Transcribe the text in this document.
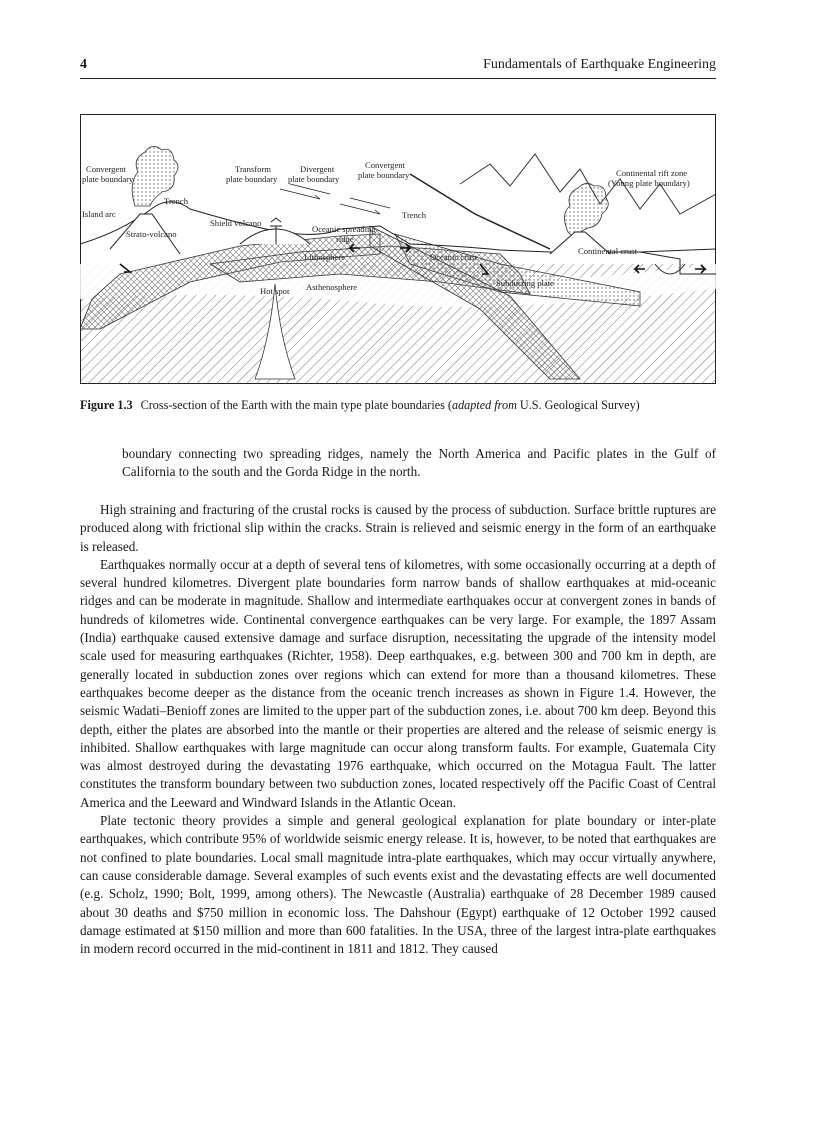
4	Fundamentals of Earthquake Engineering
Convergent
plate boundary
Transform
plate boundary
Divergent
plate boundary
Convergent
plate boundary	Continental rift zone
(Young plate boundary)
Trench
Island arc
Strato-volcano
Shield volcano
Oceanic spreading
ridge
Trench
Lithosphere	Oceanic crust
Continental crust
Hot spot Asthenosphere	Subducting plate
Figure 1.3 Cross-section of the Earth with the main type plate boundaries (adapted from U.S. Geological Survey)
boundary connecting two spreading ridges, namely the North America and Pacific plates in the Gulf of California to the south and the Gorda Ridge in the north.

High straining and fracturing of the crustal rocks is caused by the process of subduction. Surface brittle ruptures are produced along with frictional slip within the cracks. Strain is relieved and seismic energy in the form of an earthquake is released.

Earthquakes normally occur at a depth of several tens of kilometres, with some occasionally occurring at a depth of several hundred kilometres. Divergent plate boundaries form narrow bands of shallow earthquakes at mid-oceanic ridges and can be moderate in magnitude. Shallow and intermediate earthquakes occur at convergent zones in bands of hundreds of kilometres wide. Continental convergence earthquakes can be very large. For example, the 1897 Assam (India) earthquake caused extensive damage and surface disruption, necessitating the upgrade of the intensity model scale used for measuring earthquakes (Richter, 1958). Deep earthquakes, e.g. between 300 and 700 km in depth, are generally located in subduction zones over regions which can extend for more than a thousand kilometres. These earthquakes become deeper as the distance from the oceanic trench increases as shown in Figure 1.4. However, the seismic Wadati–Benioff zones are limited to the upper part of the subduction zones, i.e. about 700 km deep. Beyond this depth, either the plates are absorbed into the mantle or their properties are altered and the release of seismic energy is inhibited. Shallow earthquakes with large magnitude can occur along transform faults. For example, Guatemala City was almost destroyed during the devastating 1976 earthquake, which occurred on the Motagua Fault. The latter constitutes the transform boundary between two subduction zones, located respectively off the Pacific Coast of Central America and the Leeward and Windward Islands in the Atlantic Ocean.

Plate tectonic theory provides a simple and general geological explanation for plate boundary or inter-plate earthquakes, which contribute 95% of worldwide seismic energy release. It is, however, to be noted that earthquakes are not confined to plate boundaries. Local small magnitude intra-plate earthquakes, which may occur virtually anywhere, can cause considerable damage. Several examples of such events exist and the devastating effects are well documented (e.g. Scholz, 1990; Bolt, 1999, among others). The Newcastle (Australia) earthquake of 28 December 1989 caused about 30 deaths and $750 million in economic loss. The Dahshour (Egypt) earthquake of 12 October 1992 caused damage estimated at $150 million and more than 600 fatalities. In the USA, three of the largest intra-plate earthquakes in modern record occurred in the mid-continent in 1811 and 1812. They caused
